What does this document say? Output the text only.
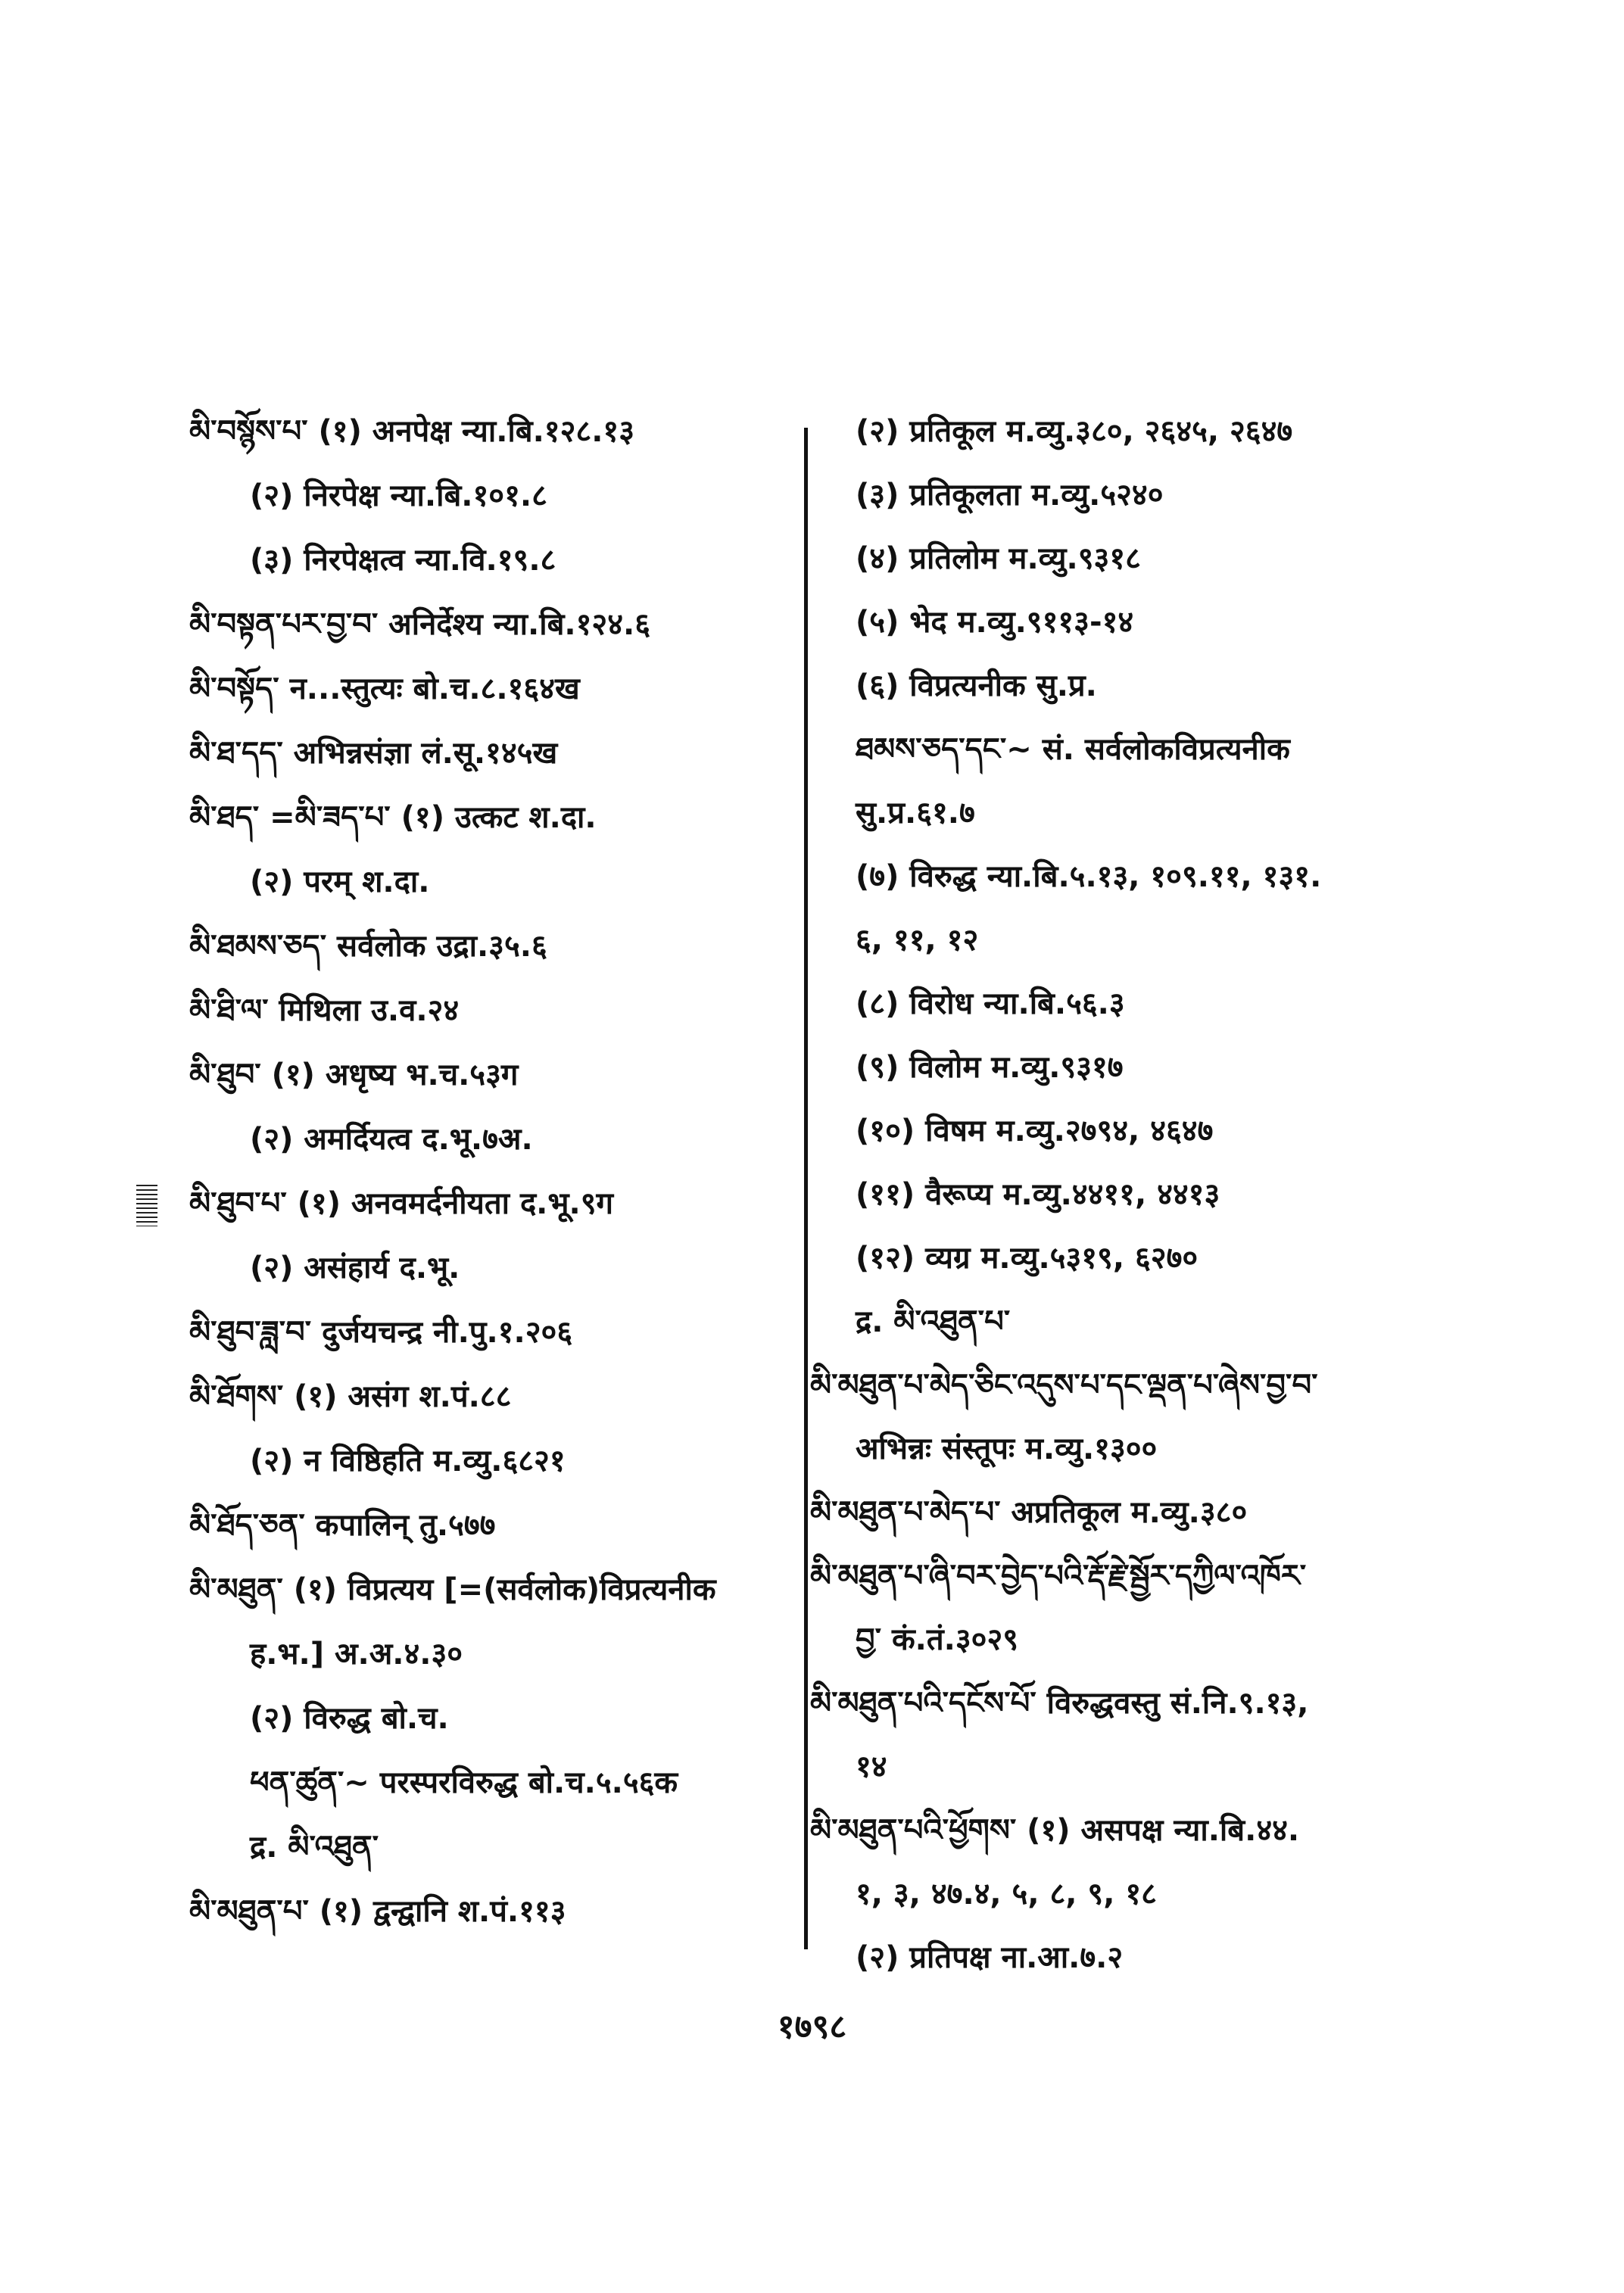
མི་བསྙོས་པ་ (१) अनपेक्ष न्या.बि.१२८.१३
(२) निरपेक्ष न्या.बि.१०१.८
(३) निरपेक्षत्व न्या.वि.१९.८
མི་བསྟན་པར་བྱ་བ་ अनिर्देश्य न्या.बि.१२४.६
མི་བསྟོད་ न...स्तुत्यः बो.च.८.१६४ख
མི་ཐ་དད་ अभिन्नसंज्ञा लं.सू.१४५ख
མི་ཐད་ =མི་ཟད་པ་ (१) उत्कट श.दा.
(२) परम् श.दा.
མི་ཐམས་ཅད་ सर्वलोक उद्रा.३५.६
མི་ཐི་ལ་ मिथिला उ.व.२४
མི་ཐུབ་ (१) अधृष्य भ.च.५३ग
(२) अमर्दियत्व द.भू.७अ.
མི་ཐུབ་པ་ (१) अनवमर्दनीयता द.भू.९ग
(२) असंहार्य द.भू.
མི་ཐུབ་ཟླ་བ་ दुर्जयचन्द्र नी.पु.१.२०६
མི་ཐོགས་ (१) असंग श.पं.८८
(२) न विष्ठिहति म.व्यु.६८२१
མི་ཐོད་ཅན་ कपालिन् तु.५७७
མི་མཐུན་ (१) विप्रत्यय [=(सर्वलोक)विप्रत्यनीक
ह.भ.] अ.अ.४.३०
(२) विरुद्ध बो.च.
ཕན་ཚུན་~ परस्परविरुद्ध बो.च.५.५६क
द्र. མི་འཐུན་
མི་མཐུན་པ་ (१) द्वन्द्वानि श.पं.११३
(२) प्रतिकूल म.व्यु.३८०, २६४५, २६४७
(३) प्रतिकूलता म.व्यु.५२४०
(४) प्रतिलोम म.व्यु.९३१८
(५) भेद म.व्यु.९११३-१४
(६) विप्रत्यनीक सु.प्र.
ཐམས་ཅད་དང་~ सं. सर्वलोकविप्रत्यनीक
सु.प्र.६१.७
(७) विरुद्ध न्या.बि.५.१३, १०९.११, १३१.
६, ११, १२
(८) विरोध न्या.बि.५६.३
(९) विलोम म.व्यु.९३१७
(१०) विषम म.व्यु.२७९४, ४६४७
(११) वैरूप्य म.व्यु.४४११, ४४१३
(१२) व्यग्र म.व्यु.५३१९, ६२७०
द्र. མི་འཐུན་པ་
མི་མཐུན་པ་མེད་ཅིང་འདུས་པ་དང་ལྡན་པ་ཞེས་བྱ་བ་
अभिन्नः संस्तूपः म.व्यु.१३००
མི་མཐུན་པ་མེད་པ་ अप्रतिकूल म.व्यु.३८०
མི་མཐུན་པ་ཞི་བར་བྱེད་པའི་རྡོ་རྗེ་སྦྱོར་དཀྱིལ་འཁོར་
བྱ་ कं.तं.३०२९
མི་མཐུན་པའི་དངོས་པོ་ विरुद्धवस्तु सं.नि.९.१३,
१४
མི་མཐུན་པའི་ཕྱོགས་ (१) असपक्ष न्या.बि.४४.
१, ३, ४७.४, ५, ८, ९, १८
(२) प्रतिपक्ष ना.आ.७.२
१७९८
